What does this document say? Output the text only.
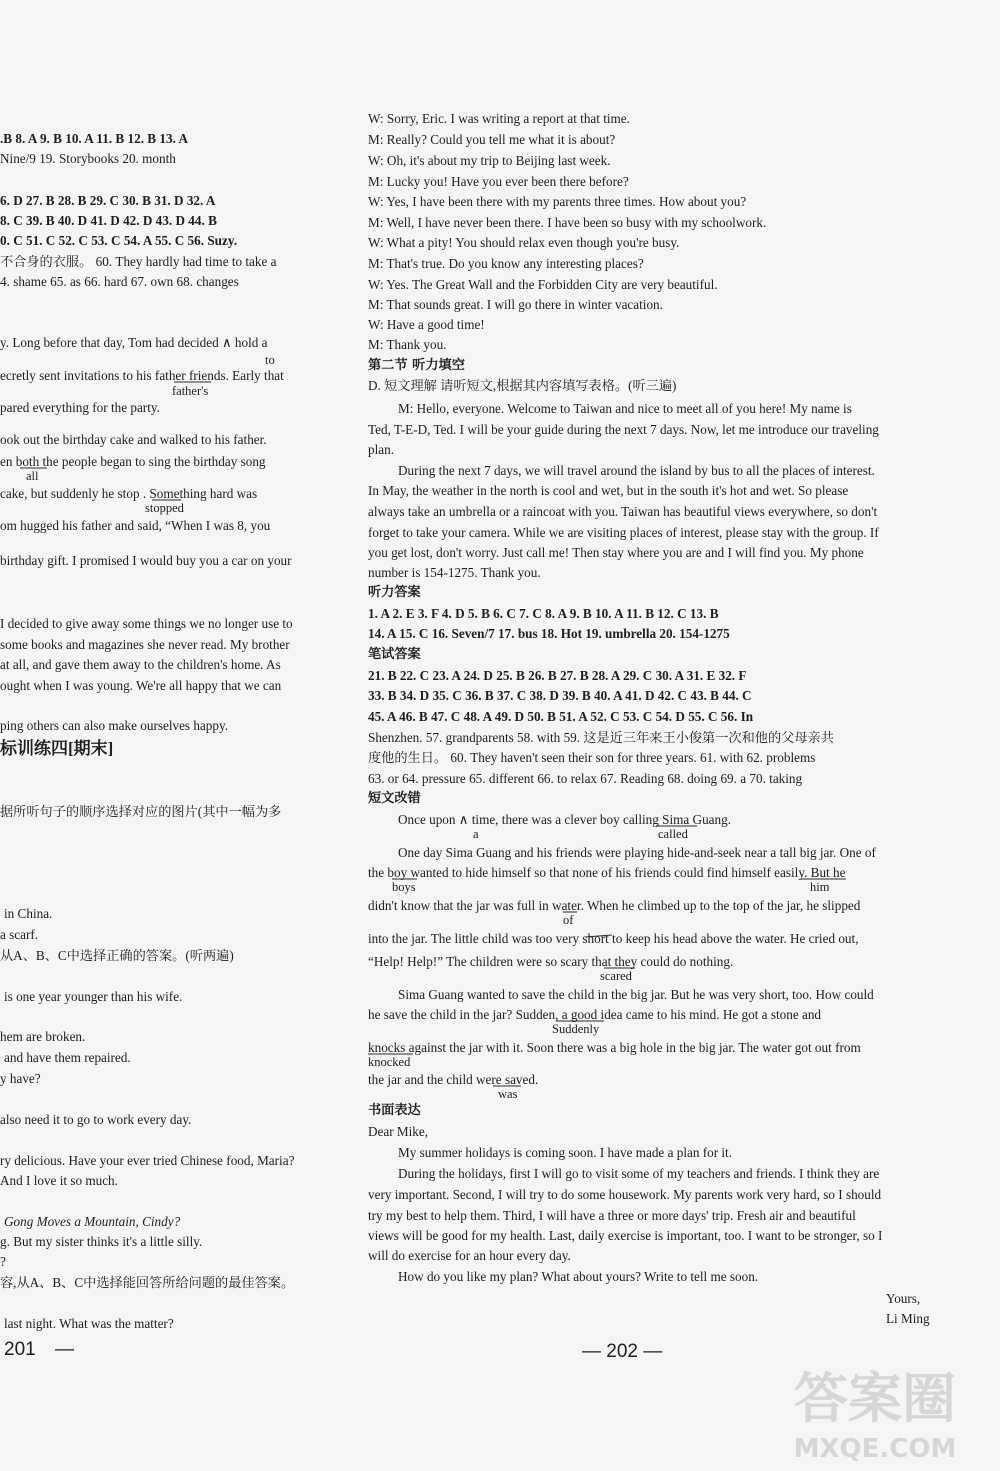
.B 8. A 9. B 10. A 11. B 12. B 13. A
Nine/9 19. Storybooks 20. month
6. D 27. B 28. B 29. C 30. B 31. D 32. A
8. C 39. B 40. D 41. D 42. D 43. D 44. B
0. C 51. C 52. C 53. C 54. A 55. C 56. Suzy.
不合身的衣服。 60. They hardly had time to take a
4. shame 65. as 66. hard 67. own 68. changes
y. Long before that day, Tom had decided ∧ hold a
to
ecretly sent invitations to his father friends. Early that
father's
pared everything for the party.
ook out the birthday cake and walked to his father.
en both the people began to sing the birthday song
all
cake, but suddenly he stop . Something hard was
stopped
om hugged his father and said, “When I was 8, you
birthday gift. I promised I would buy you a car on your
I decided to give away some things we no longer use to
some books and magazines she never read. My brother
at all, and gave them away to the children's home. As
ought when I was young. We're all happy that we can
ping others can also make ourselves happy.
标训练四[期末]
据所听句子的顺序选择对应的图片(其中一幅为多
in China.
a scarf.
从A、B、C中选择正确的答案。(听两遍)
is one year younger than his wife.
hem are broken.
and have them repaired.
y have?
also need it to go to work every day.
ry delicious. Have your ever tried Chinese food, Maria?
And I love it so much.
Gong Moves a Mountain, Cindy?
g. But my sister thinks it's a little silly.
?
容,从A、B、C中选择能回答所给问题的最佳答案。
last night. What was the matter?
201 —
W: Sorry, Eric. I was writing a report at that time.
M: Really? Could you tell me what it is about?
W: Oh, it's about my trip to Beijing last week.
M: Lucky you! Have you ever been there before?
W: Yes, I have been there with my parents three times. How about you?
M: Well, I have never been there. I have been so busy with my schoolwork.
W: What a pity! You should relax even though you're busy.
M: That's true. Do you know any interesting places?
W: Yes. The Great Wall and the Forbidden City are very beautiful.
M: That sounds great. I will go there in winter vacation.
W: Have a good time!
M: Thank you.
第二节 听力填空
D. 短文理解 请听短文,根据其内容填写表格。(听三遍)
M: Hello, everyone. Welcome to Taiwan and nice to meet all of you here! My name is
Ted, T-E-D, Ted. I will be your guide during the next 7 days. Now, let me introduce our traveling
plan.
During the next 7 days, we will travel around the island by bus to all the places of interest.
In May, the weather in the north is cool and wet, but in the south it's hot and wet. So please
always take an umbrella or a raincoat with you. Taiwan has beautiful views everywhere, so don't
forget to take your camera. While we are visiting places of interest, please stay with the group. If
you get lost, don't worry. Just call me! Then stay where you are and I will find you. My phone
number is 154-1275. Thank you.
听力答案
1. A 2. E 3. F 4. D 5. B 6. C 7. C 8. A 9. B 10. A 11. B 12. C 13. B
14. A 15. C 16. Seven/7 17. bus 18. Hot 19. umbrella 20. 154-1275
笔试答案
21. B 22. C 23. A 24. D 25. B 26. B 27. B 28. A 29. C 30. A 31. E 32. F
33. B 34. D 35. C 36. B 37. C 38. D 39. B 40. A 41. D 42. C 43. B 44. C
45. A 46. B 47. C 48. A 49. D 50. B 51. A 52. C 53. C 54. D 55. C 56. In
Shenzhen. 57. grandparents 58. with 59. 这是近三年来王小俊第一次和他的父母亲共
度他的生日。 60. They haven't seen their son for three years. 61. with 62. problems
63. or 64. pressure 65. different 66. to relax 67. Reading 68. doing 69. a 70. taking
短文改错
Once upon ∧ time, there was a clever boy calling Sima Guang.
a	called
One day Sima Guang and his friends were playing hide-and-seek near a tall big jar. One of
the boy wanted to hide himself so that none of his friends could find himself easily. But he
boys	him
didn't know that the jar was full in water. When he climbed up to the top of the jar, he slipped
of
into the jar. The little child was too very short to keep his head above the water. He cried out,
“Help! Help!” The children were so scary that they could do nothing.
scared
Sima Guang wanted to save the child in the big jar. But he was very short, too. How could
he save the child in the jar? Sudden, a good idea came to his mind. He got a stone and
Suddenly
knocks against the jar with it. Soon there was a big hole in the big jar. The water got out from
knocked
the jar and the child were saved.
was
书面表达
Dear Mike,
My summer holidays is coming soon. I have made a plan for it.
During the holidays, first I will go to visit some of my teachers and friends. I think they are
very important. Second, I will try to do some housework. My parents work very hard, so I should
try my best to help them. Third, I will have a three or more days' trip. Fresh air and beautiful
views will be good for my health. Last, daily exercise is important, too. I want to be stronger, so I
will do exercise for an hour every day.
How do you like my plan? What about yours? Write to tell me soon.
Yours,
Li Ming
— 202 —
答案圈
MXQE.COM
